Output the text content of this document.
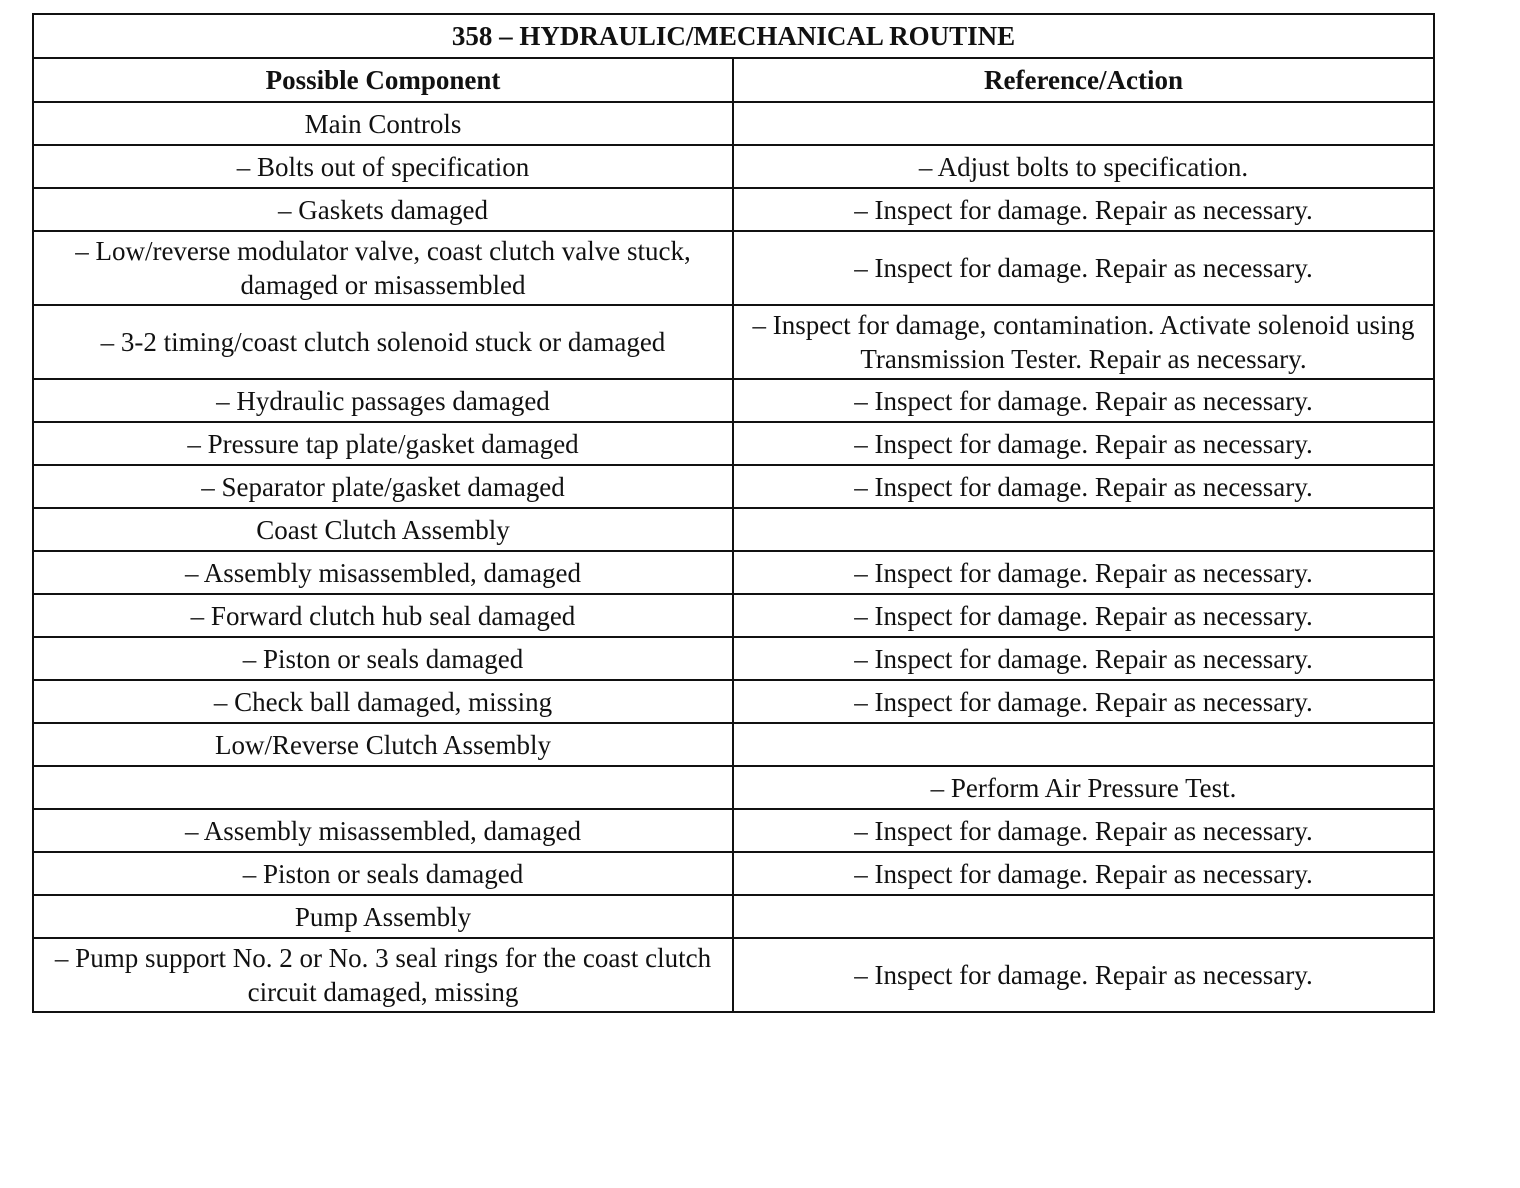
358 – HYDRAULIC/MECHANICAL ROUTINE	
Possible Component	Reference/Action
Main Controls	
– Bolts out of specification	– Adjust bolts to specification.
– Gaskets damaged	– Inspect for damage. Repair as necessary.
– Low/reverse modulator valve, coast clutch valve stuck, damaged or misassembled	– Inspect for damage. Repair as necessary.
– 3-2 timing/coast clutch solenoid stuck or damaged	– Inspect for damage, contamination. Activate solenoid using Transmission Tester. Repair as necessary.
– Hydraulic passages damaged	– Inspect for damage. Repair as necessary.
– Pressure tap plate/gasket damaged	– Inspect for damage. Repair as necessary.
– Separator plate/gasket damaged	– Inspect for damage. Repair as necessary.
Coast Clutch Assembly	
– Assembly misassembled, damaged	– Inspect for damage. Repair as necessary.
– Forward clutch hub seal damaged	– Inspect for damage. Repair as necessary.
– Piston or seals damaged	– Inspect for damage. Repair as necessary.
– Check ball damaged, missing	– Inspect for damage. Repair as necessary.
Low/Reverse Clutch Assembly	
	– Perform Air Pressure Test.
– Assembly misassembled, damaged	– Inspect for damage. Repair as necessary.
– Piston or seals damaged	– Inspect for damage. Repair as necessary.
Pump Assembly	
– Pump support No. 2 or No. 3 seal rings for the coast clutch circuit damaged, missing	– Inspect for damage. Repair as necessary.
